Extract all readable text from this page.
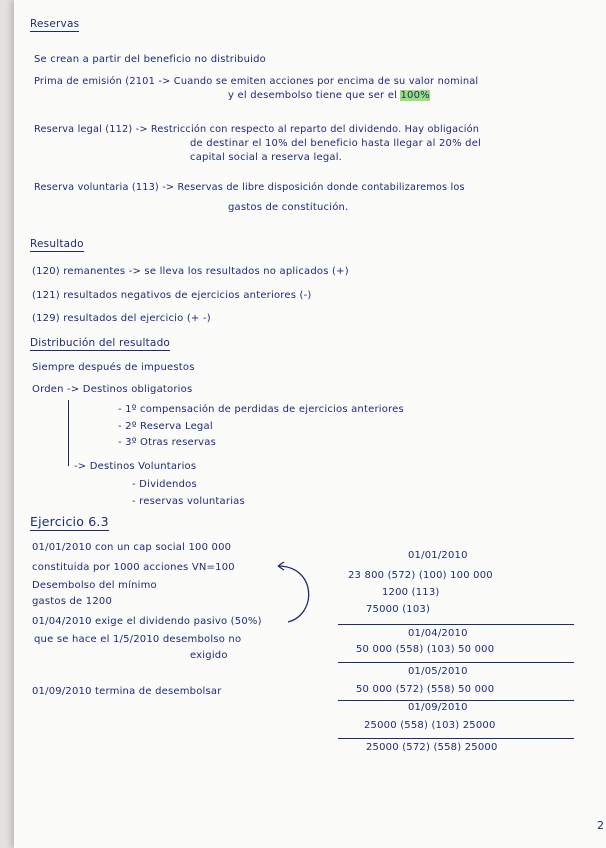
Reservas
Se crean a partir del beneficio no distribuido
Prima de emisión (2101 -> Cuando se emiten acciones por encima de su valor nominal
y el desembolso tiene que ser el 100%
Reserva legal (112) -> Restricción con respecto al reparto del dividendo. Hay obligación
de destinar el 10% del beneficio hasta llegar al 20% del
capital social a reserva legal.
Reserva voluntaria (113) -> Reservas de libre disposición donde contabilizaremos los
gastos de constitución.
Resultado
(120) remanentes -> se lleva los resultados no aplicados (+)
(121) resultados negativos de ejercicios anteriores (-)
(129) resultados del ejercicio (+ -)
Distribución del resultado
Siempre después de impuestos
Orden -> Destinos obligatorios
- 1º compensación de perdidas de ejercicios anteriores
- 2º Reserva Legal
- 3º Otras reservas
-> Destinos Voluntarios
- Dividendos
- reservas voluntarias
Ejercicio 6.3
01/01/2010 con un cap social 100 000
constituida por 1000 acciones VN=100
Desembolso del mínimo
gastos de 1200
01/04/2010 exige el dividendo pasivo (50%)
que se hace el 1/5/2010 desembolso no
exigido
01/09/2010 termina de desembolsar
01/01/2010
23 800 (572) (100) 100 000
1200 (113)
75000 (103)
01/04/2010
50 000 (558) (103) 50 000
01/05/2010
50 000 (572) (558) 50 000
01/09/2010
25000 (558) (103) 25000
25000 (572) (558) 25000
2
